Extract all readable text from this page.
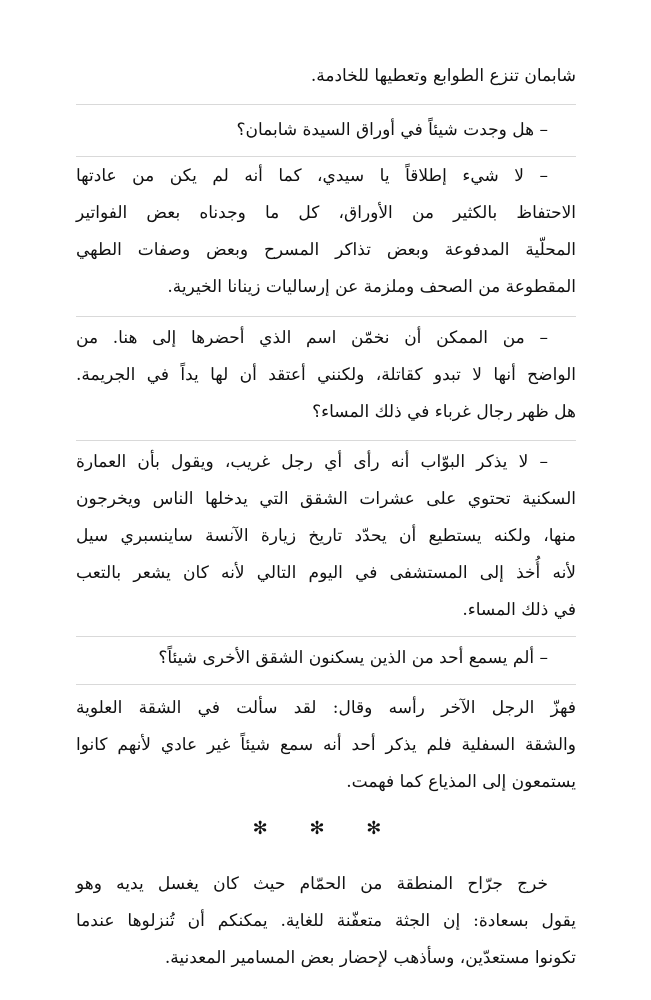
شابمان تنزع الطوابع وتعطيها للخادمة.
– هل وجدت شيئاً في أوراق السيدة شابمان؟
– لا شيء إطلاقاً يا سيدي، كما أنه لم يكن من عادتها
الاحتفاظ بالكثير من الأوراق، كل ما وجدناه بعض الفواتير
المحلّية المدفوعة وبعض تذاكر المسرح وبعض وصفات الطهي
المقطوعة من الصحف وملزمة عن إرساليات زينانا الخيرية.
– من الممكن أن نخمّن اسم الذي أحضرها إلى هنا. من
الواضح أنها لا تبدو كقاتلة، ولكنني أعتقد أن لها يداً في الجريمة.
هل ظهر رجال غرباء في ذلك المساء؟
– لا يذكر البوّاب أنه رأى أي رجل غريب، ويقول بأن العمارة
السكنية تحتوي على عشرات الشقق التي يدخلها الناس ويخرجون
منها، ولكنه يستطيع أن يحدّد تاريخ زيارة الآنسة ساينسبري سيل
لأنه أُخذ إلى المستشفى في اليوم التالي لأنه كان يشعر بالتعب
في ذلك المساء.
– ألم يسمع أحد من الذين يسكنون الشقق الأخرى شيئاً؟
فهزّ الرجل الآخر رأسه وقال: لقد سألت في الشقة العلوية
والشقة السفلية فلم يذكر أحد أنه سمع شيئاً غير عادي لأنهم كانوا
يستمعون إلى المذياع كما فهمت.
خرج جرّاح المنطقة من الحمّام حيث كان يغسل يديه وهو
يقول بسعادة: إن الجثة متعفّنة للغاية. يمكنكم أن تُنزلوها عندما
تكونوا مستعدّين، وسأذهب لإحضار بعض المسامير المعدنية.
✻ ✻ ✻
